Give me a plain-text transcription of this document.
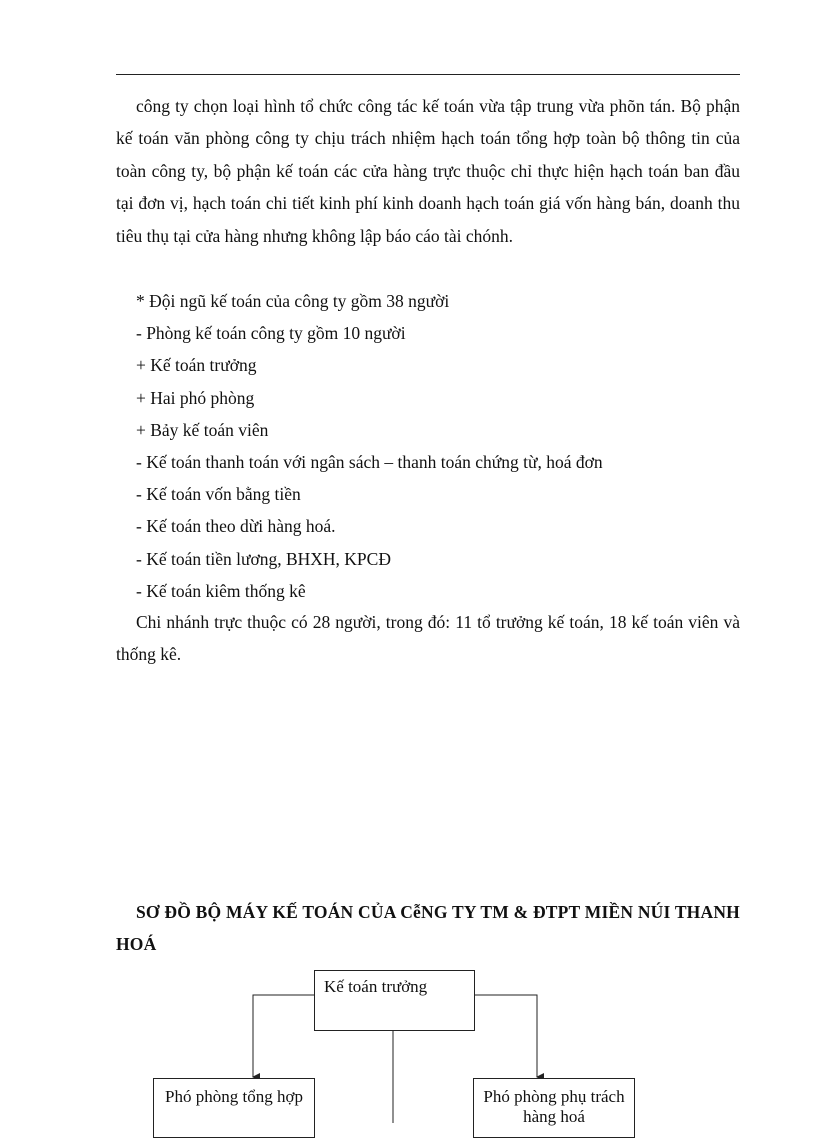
công ty chọn loại hình tổ chức công tác kế toán vừa tập trung vừa phõn tán. Bộ phận kế toán văn phòng công ty chịu trách nhiệm hạch toán tổng hợp toàn bộ thông tin của toàn công ty, bộ phận kế toán các cửa hàng trực thuộc chỉ thực hiện hạch toán ban đầu tại đơn vị, hạch toán chi tiết kinh phí kinh doanh hạch toán giá vốn hàng bán, doanh thu tiêu thụ tại cửa hàng nhưng không lập báo cáo tài chónh.

* Đội ngũ kế toán của công ty gồm 38 người
- Phòng kế toán công ty gồm 10 người
+ Kế toán trưởng
+ Hai phó phòng
+ Bảy kế toán viên
- Kế toán thanh toán với ngân sách – thanh toán chứng từ, hoá đơn
- Kế toán vốn bằng tiền
- Kế toán theo dừi hàng hoá.
- Kế toán tiền lương, BHXH, KPCĐ
- Kế toán kiêm thống kê

Chi nhánh trực thuộc có 28 người, trong đó: 11 tổ trưởng kế toán, 18 kế toán viên và thống kê.

SƠ ĐỒ BỘ MÁY KẾ TOÁN CỦA CễNG TY TM & ĐTPT MIỀN NÚI THANH HOÁ

Kế toán trưởng
Phó phòng tổng hợp	Phó phòng phụ trách hàng hoá
